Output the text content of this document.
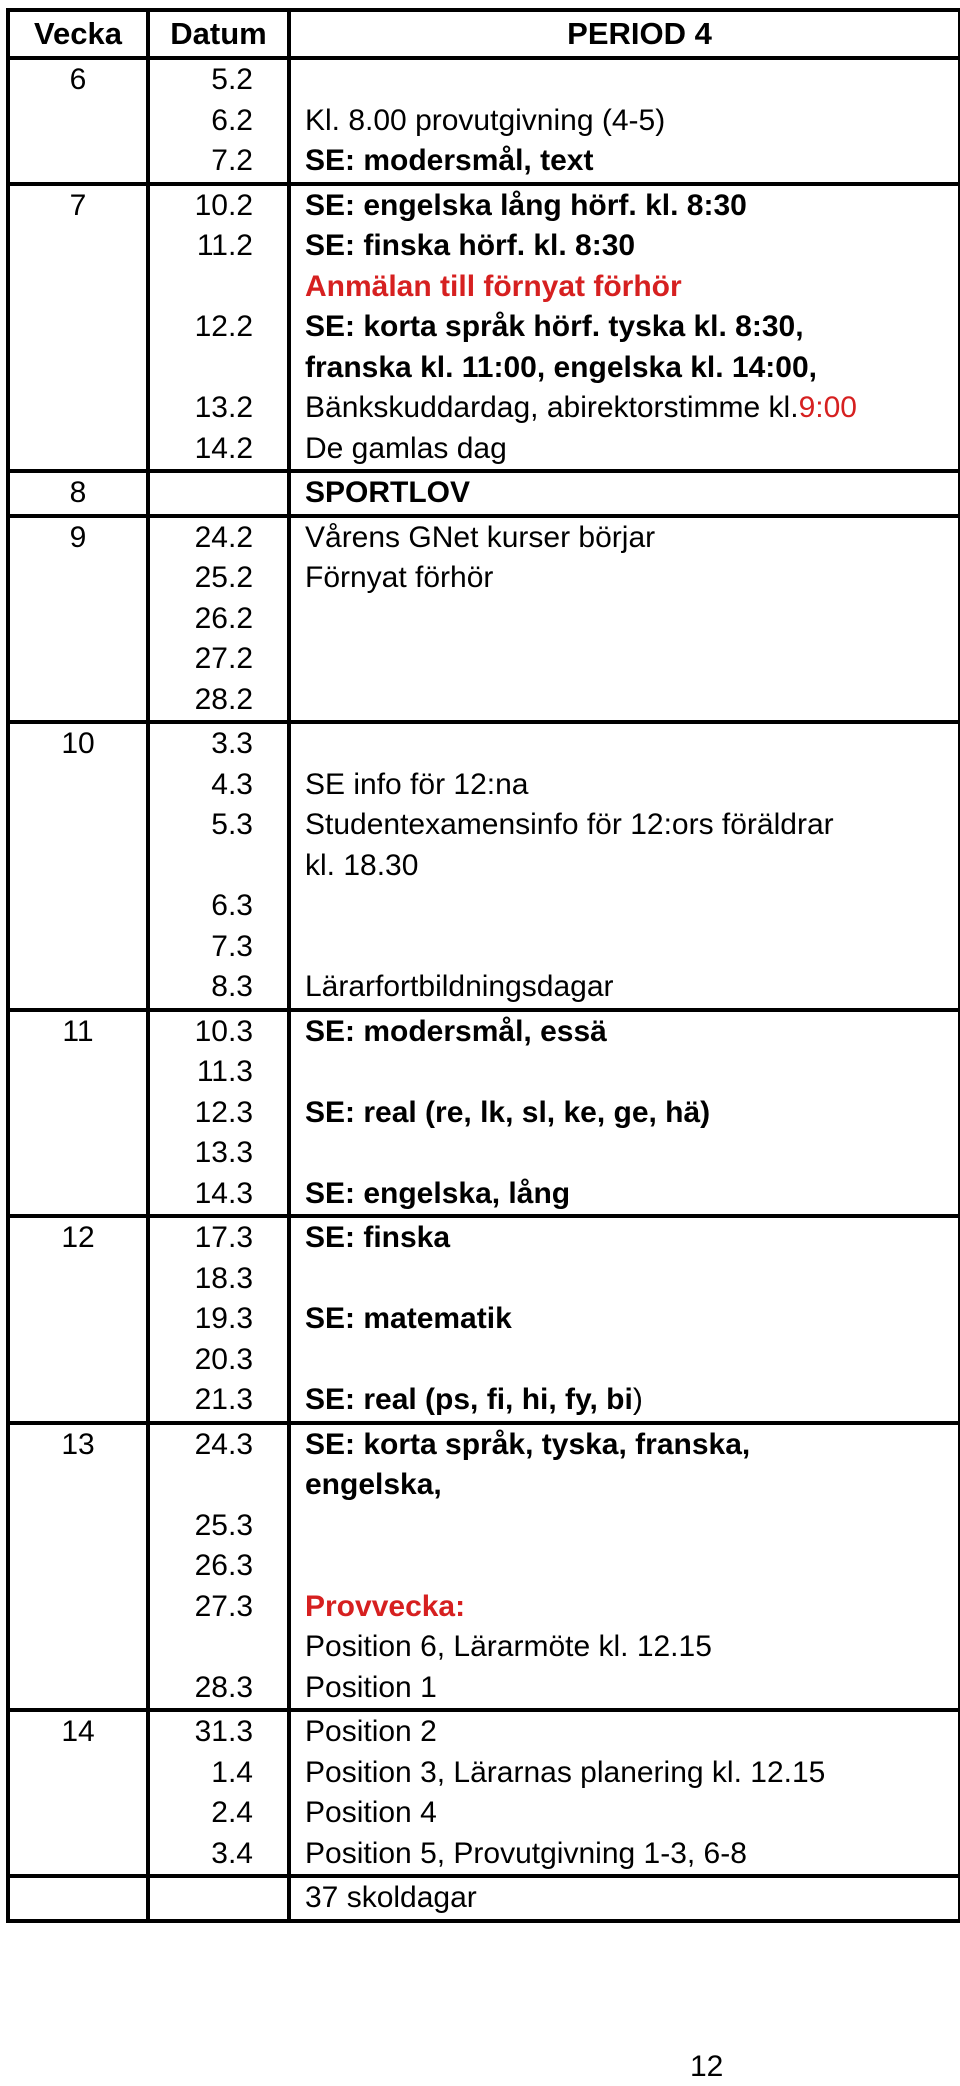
Vecka	Datum	PERIOD 4
6	5.2	
	6.2	Kl. 8.00 provutgivning (4-5)

	7.2	SE: modersmål, text

7	10.2	SE: engelska lång hörf. kl. 8:30

	11.2	SE: finska hörf. kl. 8:30
Anmälan till förnyat förhör

	12.2	SE: korta språk hörf. tyska kl. 8:30,
franska kl. 11:00, engelska kl. 14:00,

	13.2	Bänkskuddardag, abirektorstimme kl.9:00

	14.2	De gamlas dag

8		SPORTLOV

9	24.2	Vårens GNet kurser börjar

	25.2	Förnyat förhör

	26.2	
	27.2	
	28.2	
10	3.3	
	4.3	SE info för 12:na

	5.3	Studentexamensinfo för 12:ors föräldrar
kl. 18.30

	6.3	
	7.3	
	8.3	Lärarfortbildningsdagar

11	10.3	SE: modersmål, essä

	11.3	
	12.3	SE: real (re, lk, sl, ke, ge, hä)

	13.3	
	14.3	SE: engelska, lång

12	17.3	SE: finska

	18.3	
	19.3	SE: matematik

	20.3	
	21.3	SE: real (ps, fi, hi, fy, bi)

13	24.3	SE: korta språk, tyska, franska,
engelska,

	25.3	
	26.3	
	27.3	Provvecka:
Position 6, Lärarmöte kl. 12.15

	28.3	Position 1

14	31.3	Position 2

	1.4	Position 3, Lärarnas planering kl. 12.15

	2.4	Position 4

	3.4	Position 5, Provutgivning 1-3, 6-8

		37 skoldagar
12
